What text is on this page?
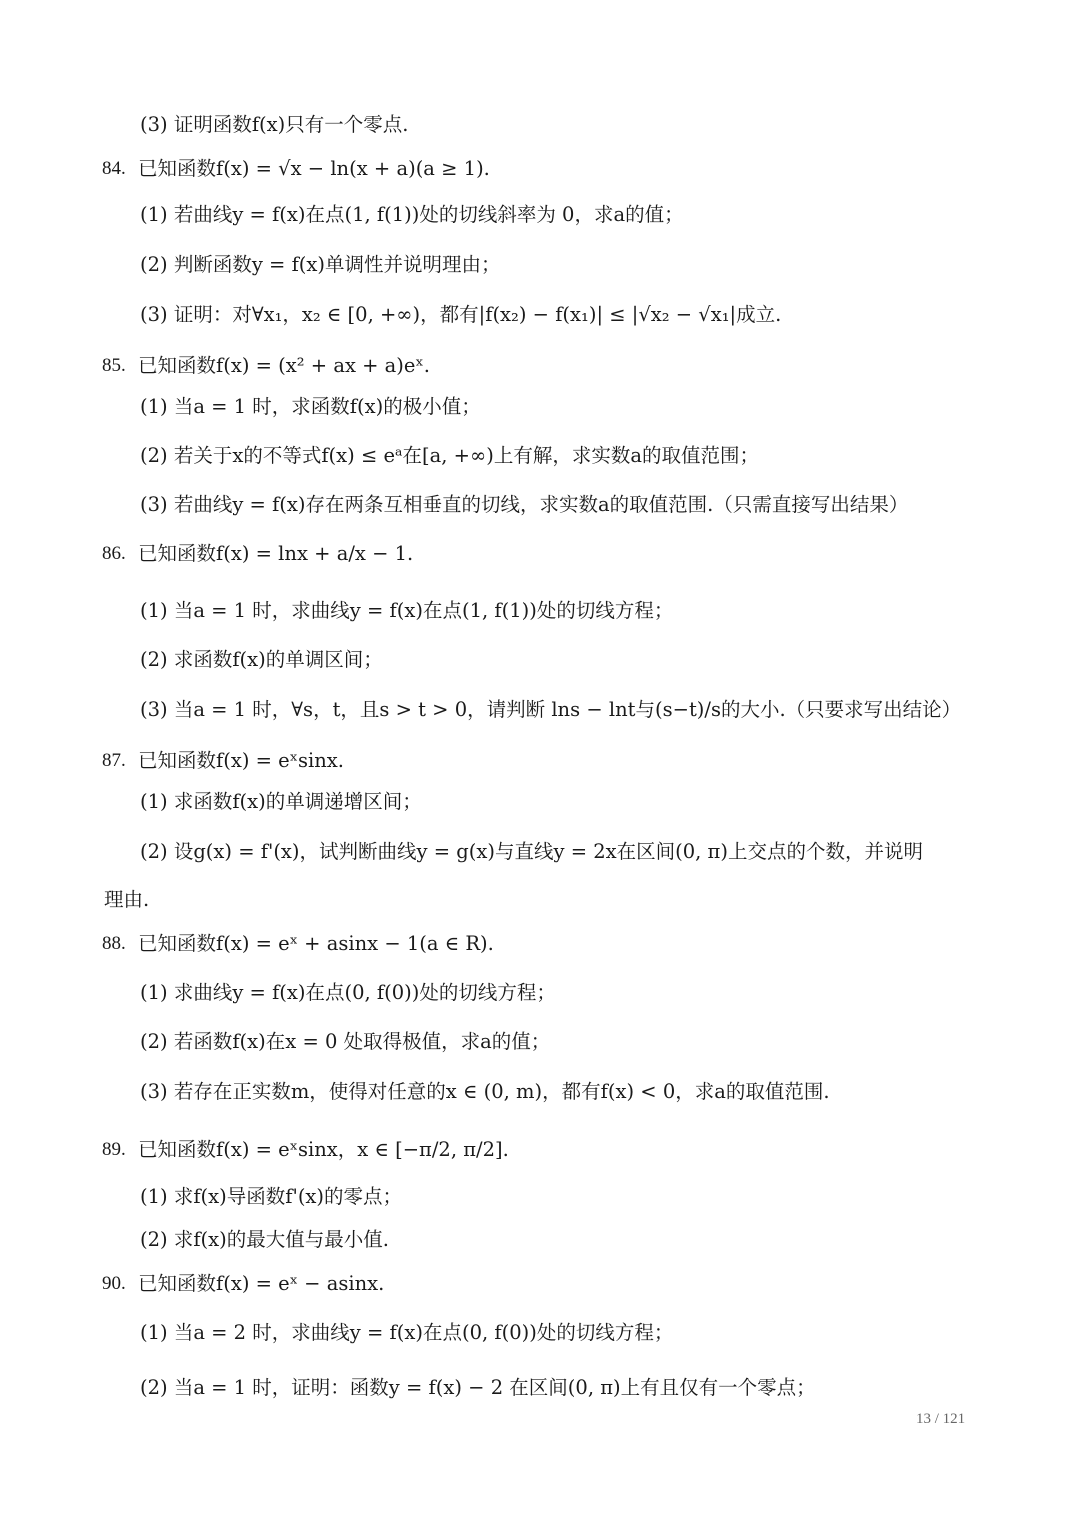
(3) 证明函数f(x)只有一个零点.
84. 已知函数f(x) = √x − ln(x + a)(a ≥ 1).
(1) 若曲线y = f(x)在点(1, f(1))处的切线斜率为 0，求a的值；
(2) 判断函数y = f(x)单调性并说明理由；
(3) 证明：对∀x₁，x₂ ∈ [0, +∞)，都有|f(x₂) − f(x₁)| ≤ |√x₂ − √x₁|成立.
85. 已知函数f(x) = (x² + ax + a)eˣ.
(1) 当a = 1 时，求函数f(x)的极小值；
(2) 若关于x的不等式f(x) ≤ eᵃ在[a, +∞)上有解，求实数a的取值范围；
(3) 若曲线y = f(x)存在两条互相垂直的切线，求实数a的取值范围.（只需直接写出结果）
86. 已知函数f(x) = lnx + a/x − 1.
(1) 当a = 1 时，求曲线y = f(x)在点(1, f(1))处的切线方程；
(2) 求函数f(x)的单调区间；
(3) 当a = 1 时，∀s，t，且s > t > 0，请判断 lns − lnt与(s−t)/s的大小.（只要求写出结论）
87. 已知函数f(x) = eˣsinx.
(1) 求函数f(x)的单调递增区间；
(2) 设g(x) = f'(x)，试判断曲线y = g(x)与直线y = 2x在区间(0, π)上交点的个数，并说明
理由.
88. 已知函数f(x) = eˣ + asinx − 1(a ∈ R).
(1) 求曲线y = f(x)在点(0, f(0))处的切线方程；
(2) 若函数f(x)在x = 0 处取得极值，求a的值；
(3) 若存在正实数m，使得对任意的x ∈ (0, m)，都有f(x) < 0，求a的取值范围.
89. 已知函数f(x) = eˣsinx，x ∈ [−π/2, π/2].
(1) 求f(x)导函数f'(x)的零点；
(2) 求f(x)的最大值与最小值.
90. 已知函数f(x) = eˣ − asinx.
(1) 当a = 2 时，求曲线y = f(x)在点(0, f(0))处的切线方程；
(2) 当a = 1 时，证明：函数y = f(x) − 2 在区间(0, π)上有且仅有一个零点；
13 / 121
